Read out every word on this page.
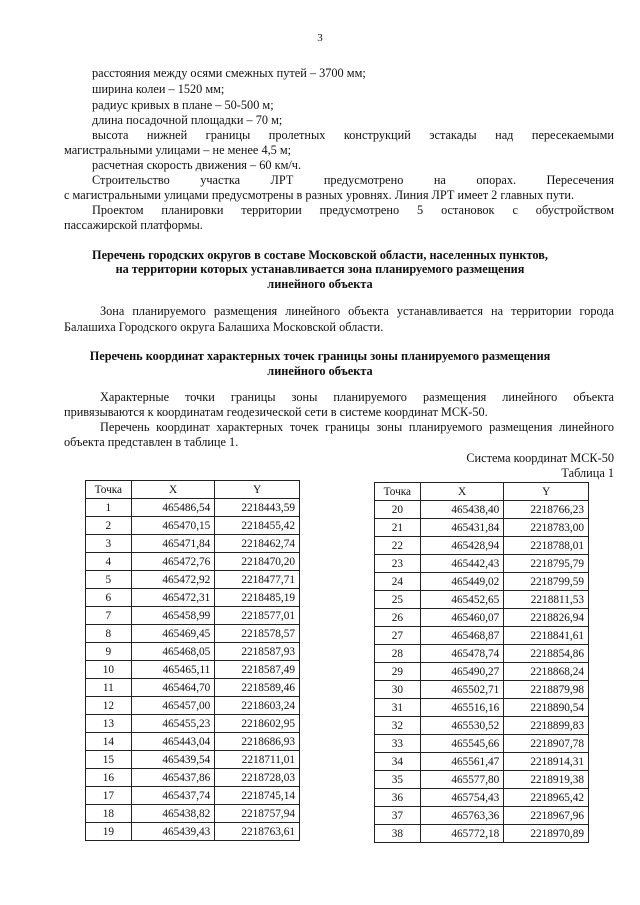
3
расстояния между осями смежных путей – 3700 мм;
ширина колеи – 1520 мм;
радиус кривых в плане – 50-500 м;
длина посадочной площадки – 70 м;
высота нижней границы пролетных конструкций эстакады над пересекаемыми
магистральными улицами – не менее 4,5 м;
расчетная скорость движения – 60 км/ч.
Строительство участка ЛРТ предусмотрено на опорах. Пересечения
с магистральными улицами предусмотрены в разных уровнях. Линия ЛРТ имеет 2 главных пути.
Проектом планировки территории предусмотрено 5 остановок с обустройством
пассажирской платформы.
Перечень городских округов в составе Московской области, населенных пунктов,
на территории которых устанавливается зона планируемого размещения
линейного объекта
Зона планируемого размещения линейного объекта устанавливается на территории города
Балашиха Городского округа Балашиха Московской области.
Перечень координат характерных точек границы зоны планируемого размещения
линейного объекта
Характерные точки границы зоны планируемого размещения линейного объекта
привязываются к координатам геодезической сети в системе координат МСК-50.
Перечень координат характерных точек границы зоны планируемого размещения линейного
объекта представлен в таблице 1.
Система координат МСК-50
Таблица 1
Точка	X	Y
1	465486,54	2218443,59
2	465470,15	2218455,42
3	465471,84	2218462,74
4	465472,76	2218470,20
5	465472,92	2218477,71
6	465472,31	2218485,19
7	465458,99	2218577,01
8	465469,45	2218578,57
9	465468,05	2218587,93
10	465465,11	2218587,49
11	465464,70	2218589,46
12	465457,00	2218603,24
13	465455,23	2218602,95
14	465443,04	2218686,93
15	465439,54	2218711,01
16	465437,86	2218728,03
17	465437,74	2218745,14
18	465438,82	2218757,94
19	465439,43	2218763,61
Точка	X	Y
20	465438,40	2218766,23
21	465431,84	2218783,00
22	465428,94	2218788,01
23	465442,43	2218795,79
24	465449,02	2218799,59
25	465452,65	2218811,53
26	465460,07	2218826,94
27	465468,87	2218841,61
28	465478,74	2218854,86
29	465490,27	2218868,24
30	465502,71	2218879,98
31	465516,16	2218890,54
32	465530,52	2218899,83
33	465545,66	2218907,78
34	465561,47	2218914,31
35	465577,80	2218919,38
36	465754,43	2218965,42
37	465763,36	2218967,96
38	465772,18	2218970,89
